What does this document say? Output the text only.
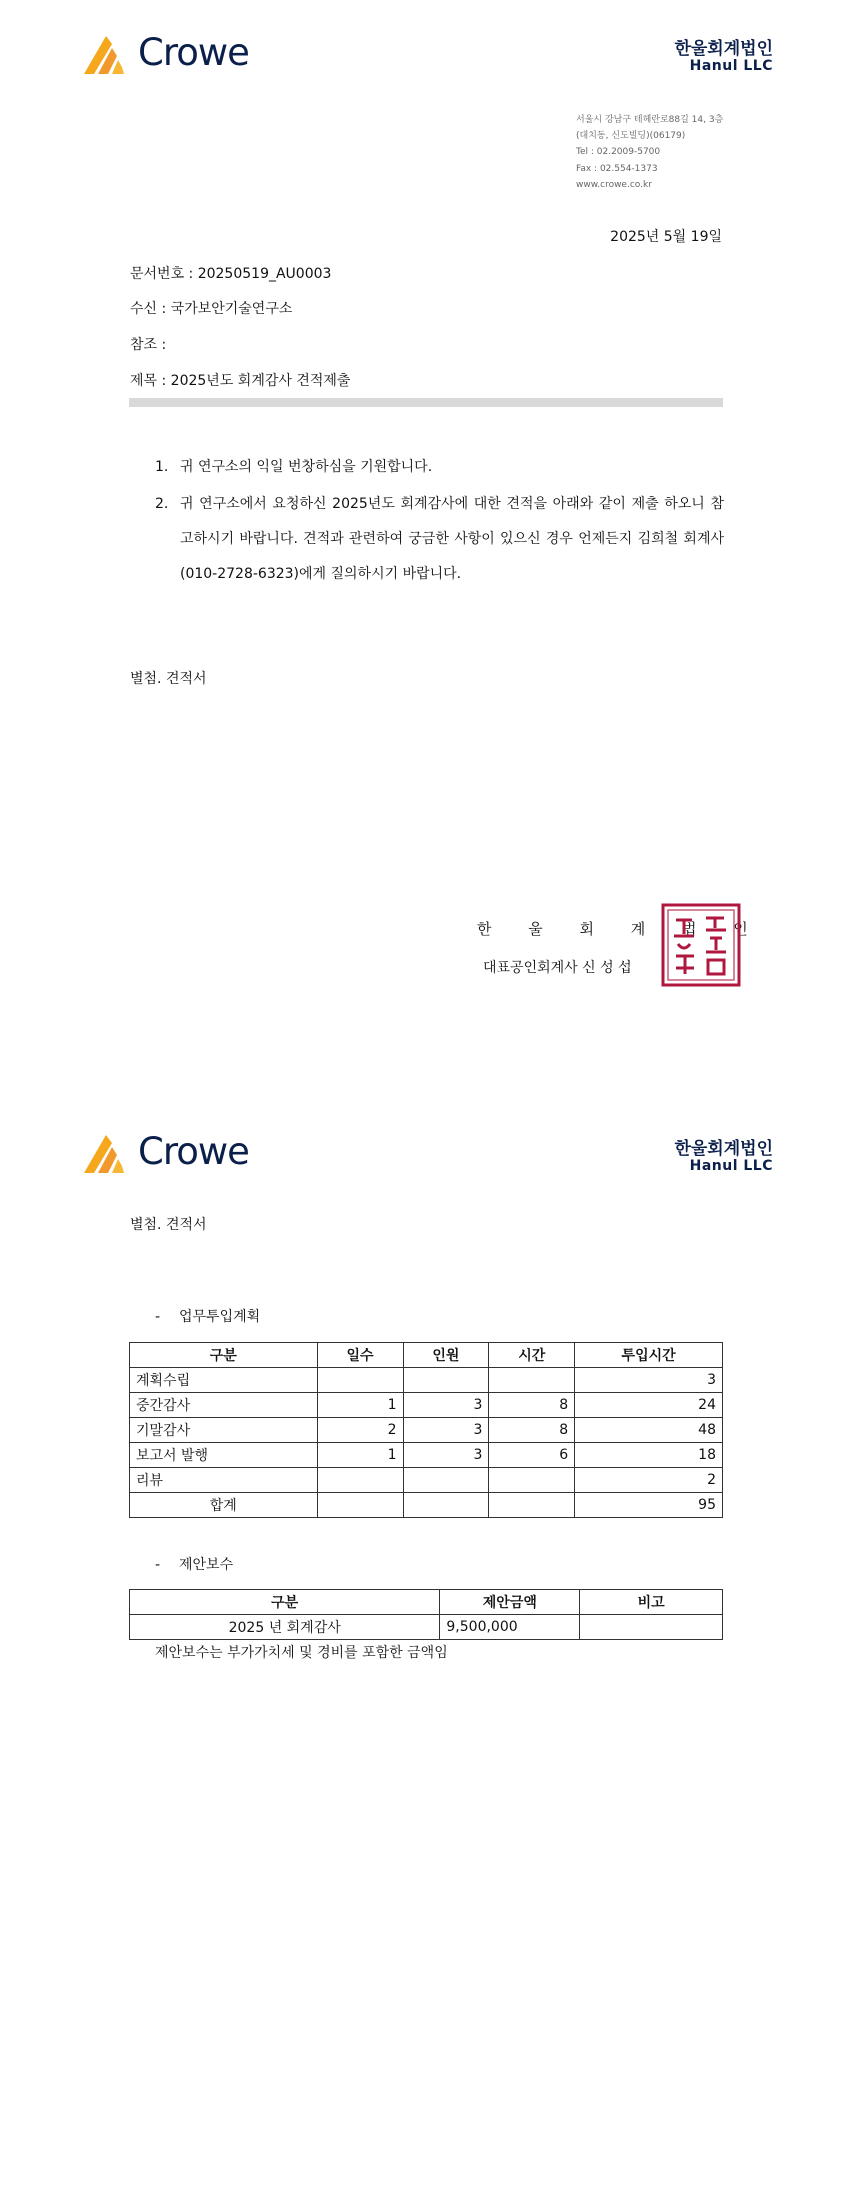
Crowe	한울회계법인
Hanul LLC
서울시 강남구 테헤란로88길 14, 3층
(대치동, 신도빌딩)(06179)
Tel : 02.2009-5700
Fax : 02.554-1373
www.crowe.co.kr
2025년 5월 19일
문서번호 : 20250519_AU0003
수신 : 국가보안기술연구소
참조 :
제목 : 2025년도 회계감사 견적제출
1. 귀 연구소의 익일 번창하심을 기원합니다.
2. 귀 연구소에서 요청하신 2025년도 회계감사에 대한 견적을 아래와 같이 제출 하오니 참고하시기 바랍니다. 견적과 관련하여 궁금한 사항이 있으신 경우 언제든지 김희철 회계사(010-2728-6323)에게 질의하시기 바랍니다.
별첨. 견적서
한 울 회 계 법 인
대표공인회계사 신 성 섭
Crowe	한울회계법인
Hanul LLC
별첨. 견적서
- 업무투입계획
구분	일수	인원	시간	투입시간
계획수립				3
중간감사	1	3	8	24
기말감사	2	3	8	48
보고서 발행	1	3	6	18
리뷰				2
합계				95
- 제안보수
구분	제안금액	비고
2025 년 회계감사	9,500,000	
제안보수는 부가가치세 및 경비를 포함한 금액임
